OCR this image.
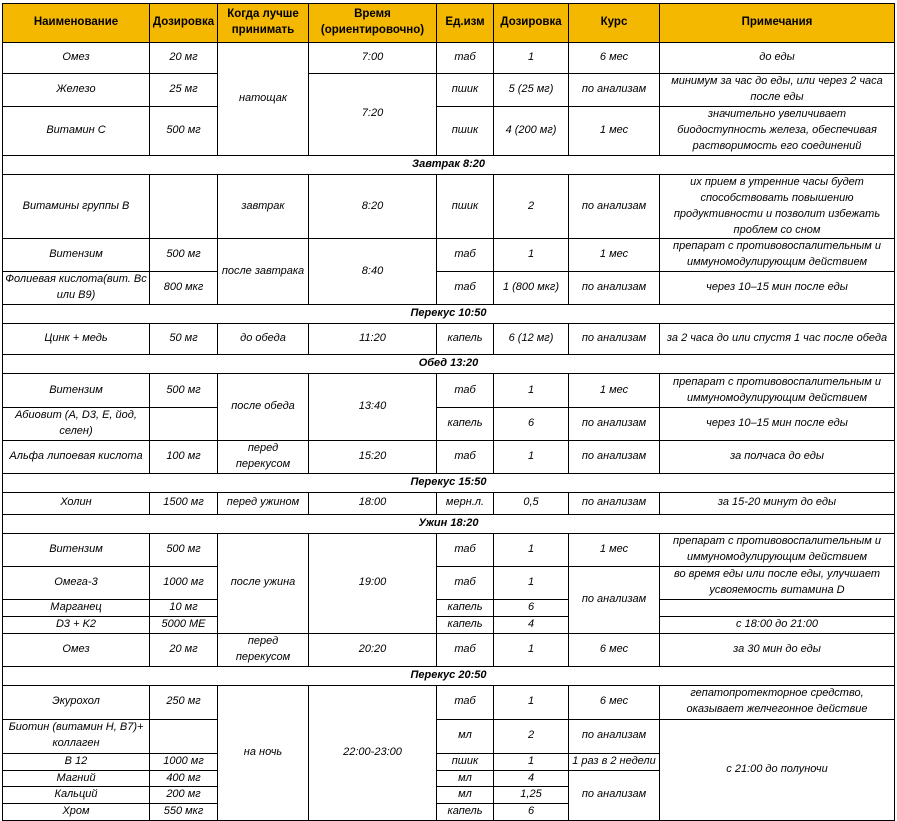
Наименование	Дозировка	Когда лучше принимать	Время (ориентировочно)	Ед.изм	Дозировка	Курс	Примечания
Омез	20 мг	натощак	7:00	таб	1	6 мес	до еды
Железо	25 мг		7:20	пшик	5 (25 мг)	по анализам	минимум за час до еды, или через 2 часа после еды
Витамин С	500 мг			пшик	4 (200 мг)	1 мес	значительно увеличивает биодоступность железа, обеспечивая растворимость его соединений
Завтрак 8:20							
Витамины группы В		завтрак	8:20	пшик	2	по анализам	их прием в утренние часы будет способствовать повышению продуктивности и позволит избежать проблем со сном
Витензим	500 мг	после завтрака	8:40	таб	1	1 мес	препарат с противовоспалительным и иммуномодулирующим действием
Фолиевая кислота(вит. Вс или В9)	800 мкг			таб	1 (800 мкг)	по анализам	через 10–15 мин после еды
Перекус 10:50							
Цинк + медь	50 мг	до обеда	11:20	капель	6 (12 мг)	по анализам	за 2 часа до или спустя 1 час после обеда
Обед 13:20							
Витензим	500 мг	после обеда	13:40	таб	1	1 мес	препарат с противовоспалительным и иммуномодулирующим действием
Абиовит (A, D3, E, йод, селен)				капель	6	по анализам	через 10–15 мин после еды
Альфа липоевая кислота	100 мг	перед перекусом	15:20	таб	1	по анализам	за полчаса до еды
Перекус 15:50							
Холин	1500 мг	перед ужином	18:00	мерн.л.	0,5	по анализам	за 15-20 минут до еды
Ужин 18:20							
Витензим	500 мг	после ужина	19:00	таб	1	1 мес	препарат с противовоспалительным и иммуномодулирующим действием
Омега-3	1000 мг			таб	1	по анализам	во время еды или после еды, улучшает усвояемость витамина D
Марганец	10 мг			капель	6		
D3 + K2	5000 МЕ			капель	4		с 18:00 до 21:00
Омез	20 мг	перед перекусом	20:20	таб	1	6 мес	за 30 мин до еды
Перекус 20:50							
Экурохол	250 мг	на ночь	22:00-23:00	таб	1	6 мес	гепатопротекторное средство, оказывает желчегонное действие
Биотин (витамин Н, В7)+ коллаген				мл	2	по анализам	с 21:00 до полуночи
В 12	1000 мг			пшик	1	1 раз в 2 недели	
Магний	400 мг			мл	4	по анализам	
Кальций	200 мг			мл	1,25		
Хром	550 мкг			капель	6		
